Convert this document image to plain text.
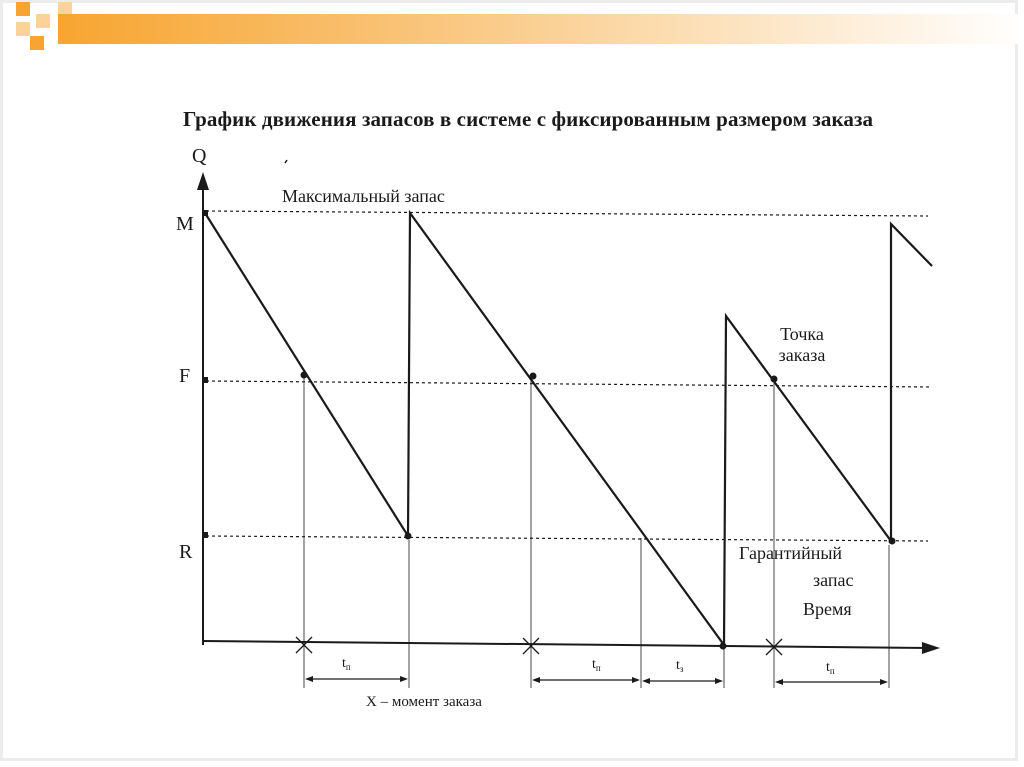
График движения запасов в системе с фиксированным размером заказа
Q
M
F
R
Максимальный запас
Точка
заказа
Гарантийный
запас
Время
X – момент заказа
$t_п$	$t_п$	$t_з$	$t_п$
